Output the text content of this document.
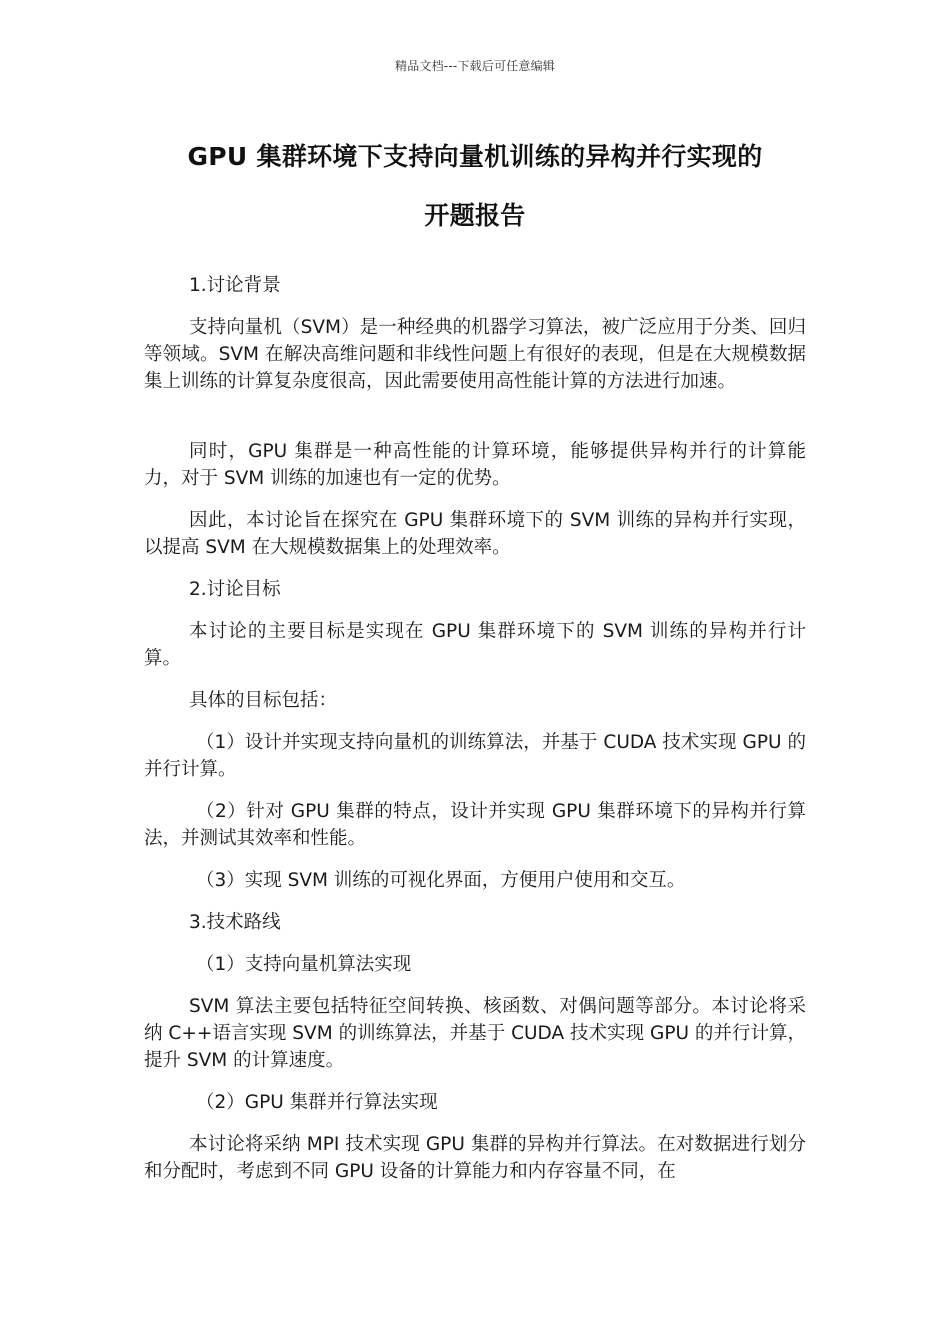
精品文档---下载后可任意编辑
GPU 集群环境下支持向量机训练的异构并行实现的
开题报告

1.讨论背景

支持向量机（SVM）是一种经典的机器学习算法，被广泛应用于分类、回归等领域。SVM 在解决高维问题和非线性问题上有很好的表现，但是在大规模数据集上训练的计算复杂度很高，因此需要使用高性能计算的方法进行加速。

同时，GPU 集群是一种高性能的计算环境，能够提供异构并行的计算能力，对于 SVM 训练的加速也有一定的优势。

因此，本讨论旨在探究在 GPU 集群环境下的 SVM 训练的异构并行实现，以提高 SVM 在大规模数据集上的处理效率。

2.讨论目标

本讨论的主要目标是实现在 GPU 集群环境下的 SVM 训练的异构并行计算。

具体的目标包括：

（1）设计并实现支持向量机的训练算法，并基于 CUDA 技术实现 GPU 的并行计算。

（2）针对 GPU 集群的特点，设计并实现 GPU 集群环境下的异构并行算法，并测试其效率和性能。

（3）实现 SVM 训练的可视化界面，方便用户使用和交互。

3.技术路线

（1）支持向量机算法实现

SVM 算法主要包括特征空间转换、核函数、对偶问题等部分。本讨论将采纳 C++语言实现 SVM 的训练算法，并基于 CUDA 技术实现 GPU 的并行计算，提升 SVM 的计算速度。

（2）GPU 集群并行算法实现

本讨论将采纳 MPI 技术实现 GPU 集群的异构并行算法。在对数据进行划分和分配时，考虑到不同 GPU 设备的计算能力和内存容量不同，在
